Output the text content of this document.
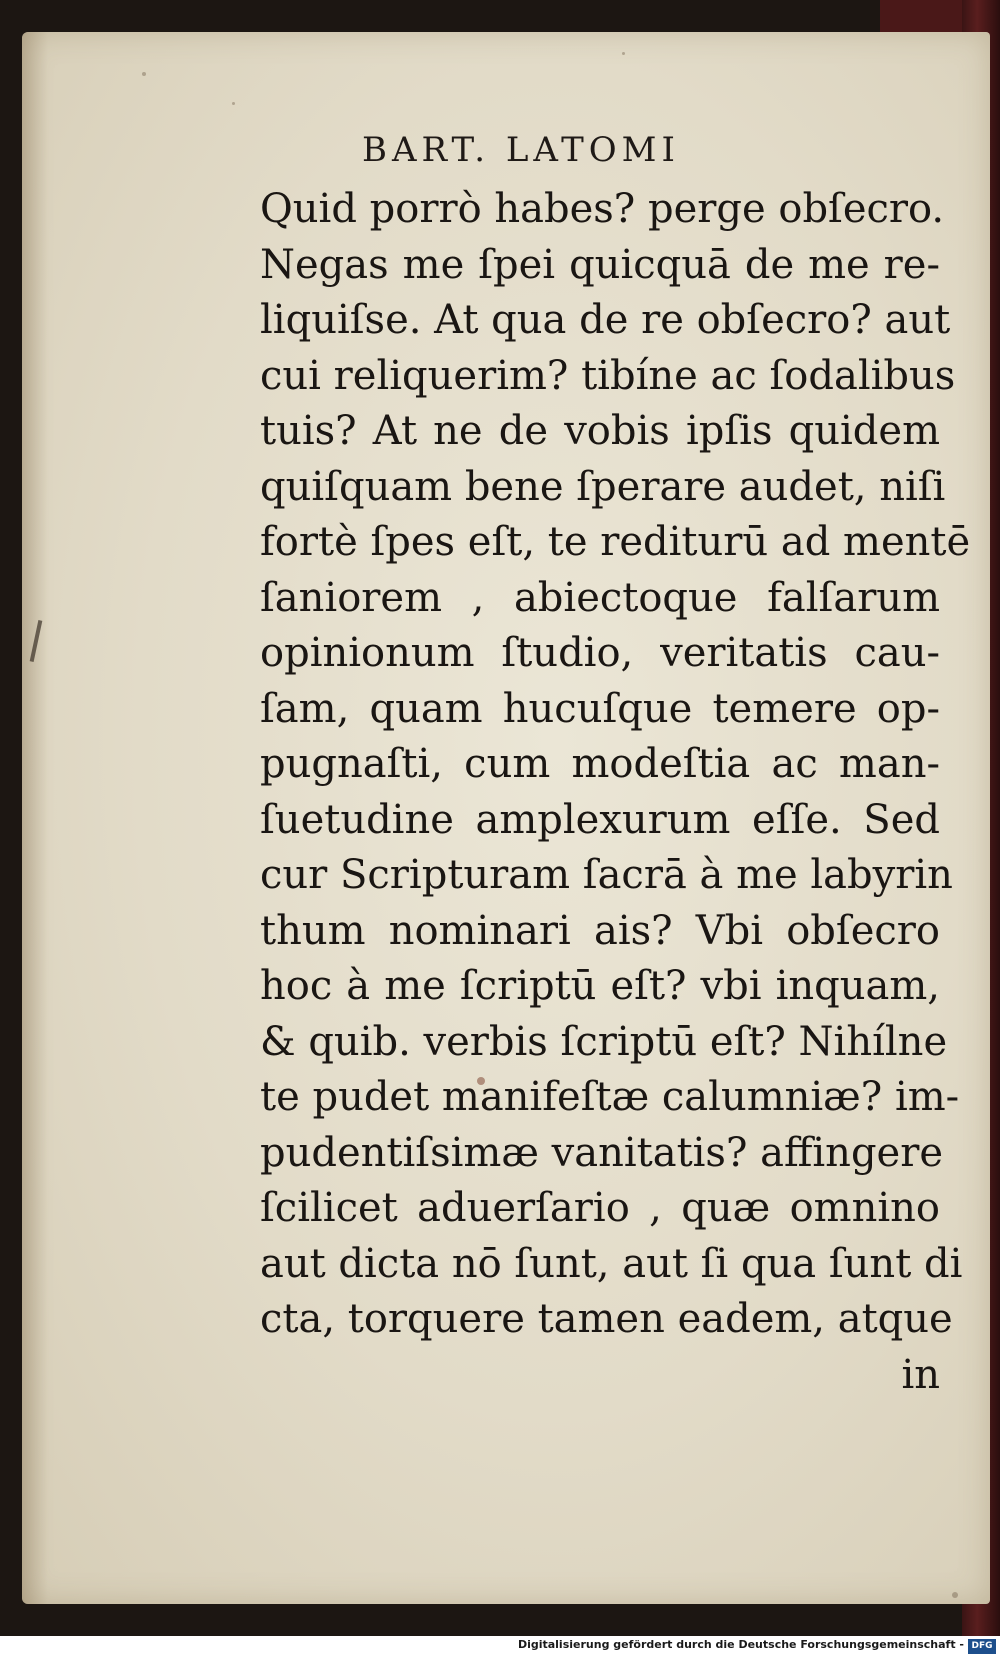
BART. LATOMI
Quid porrò habes? perge obſecro.
Negas me ſpei quicquā de me re-
liquiſse. At qua de re obſecro? aut
cui reliquerim? tibíne ac ſodalibus
tuis? At ne de vobis ipſis quidem
quiſquam bene ſperare audet, niſi
fortè ſpes eſt, te rediturū ad mentē
ſaniorem , abiectoque falſarum
opinionum ſtudio, veritatis cau-
ſam, quam hucuſque temere op-
pugnaſti, cum modeſtia ac man-
ſuetudine amplexurum eſſe. Sed
cur Scripturam ſacrā à me labyrin
thum nominari ais? Vbi obſecro
hoc à me ſcriptū eſt? vbi inquam,
& quib. verbis ſcriptū eſt? Nihílne
te pudet manifeſtæ calumniæ? im-
pudentiſsimæ vanitatis? affingere
ſcilicet aduerſario , quæ omnino
aut dicta nō ſunt, aut ſi qua ſunt di
cta, torquere tamen eadem, atque
in
Digitalisierung gefördert durch die Deutsche Forschungsgemeinschaft - DFG
